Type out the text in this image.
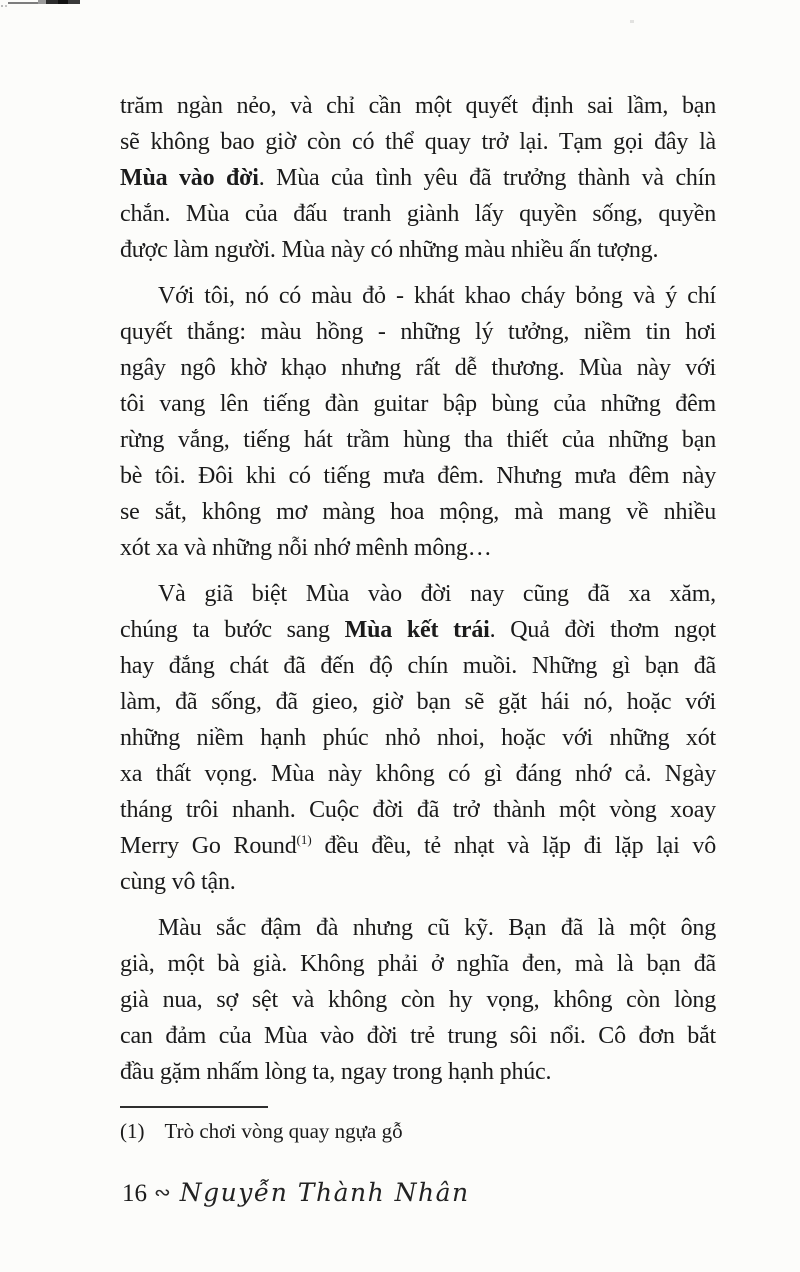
trăm ngàn nẻo, và chỉ cần một quyết định sai lầm, bạn
sẽ không bao giờ còn có thể quay trở lại. Tạm gọi đây là
Mùa vào đời. Mùa của tình yêu đã trưởng thành và chín
chắn. Mùa của đấu tranh giành lấy quyền sống, quyền
được làm người. Mùa này có những màu nhiều ấn tượng.
Với tôi, nó có màu đỏ - khát khao cháy bỏng và ý chí
quyết thắng: màu hồng - những lý tưởng, niềm tin hơi
ngây ngô khờ khạo nhưng rất dễ thương. Mùa này với
tôi vang lên tiếng đàn guitar bập bùng của những đêm
rừng vắng, tiếng hát trầm hùng tha thiết của những bạn
bè tôi. Đôi khi có tiếng mưa đêm. Nhưng mưa đêm này
se sắt, không mơ màng hoa mộng, mà mang về nhiều
xót xa và những nỗi nhớ mênh mông…
Và giã biệt Mùa vào đời nay cũng đã xa xăm,
chúng ta bước sang Mùa kết trái. Quả đời thơm ngọt
hay đắng chát đã đến độ chín muồi. Những gì bạn đã
làm, đã sống, đã gieo, giờ bạn sẽ gặt hái nó, hoặc với
những niềm hạnh phúc nhỏ nhoi, hoặc với những xót
xa thất vọng. Mùa này không có gì đáng nhớ cả. Ngày
tháng trôi nhanh. Cuộc đời đã trở thành một vòng xoay
Merry Go Round$^{(1)}$ đều đều, tẻ nhạt và lặp đi lặp lại vô
cùng vô tận.
Màu sắc đậm đà nhưng cũ kỹ. Bạn đã là một ông
già, một bà già. Không phải ở nghĩa đen, mà là bạn đã
già nua, sợ sệt và không còn hy vọng, không còn lòng
can đảm của Mùa vào đời trẻ trung sôi nổi. Cô đơn bắt
đầu gặm nhấm lòng ta, ngay trong hạnh phúc.
(1) Trò chơi vòng quay ngựa gỗ
16 ∾ Nguyễn Thành Nhân
